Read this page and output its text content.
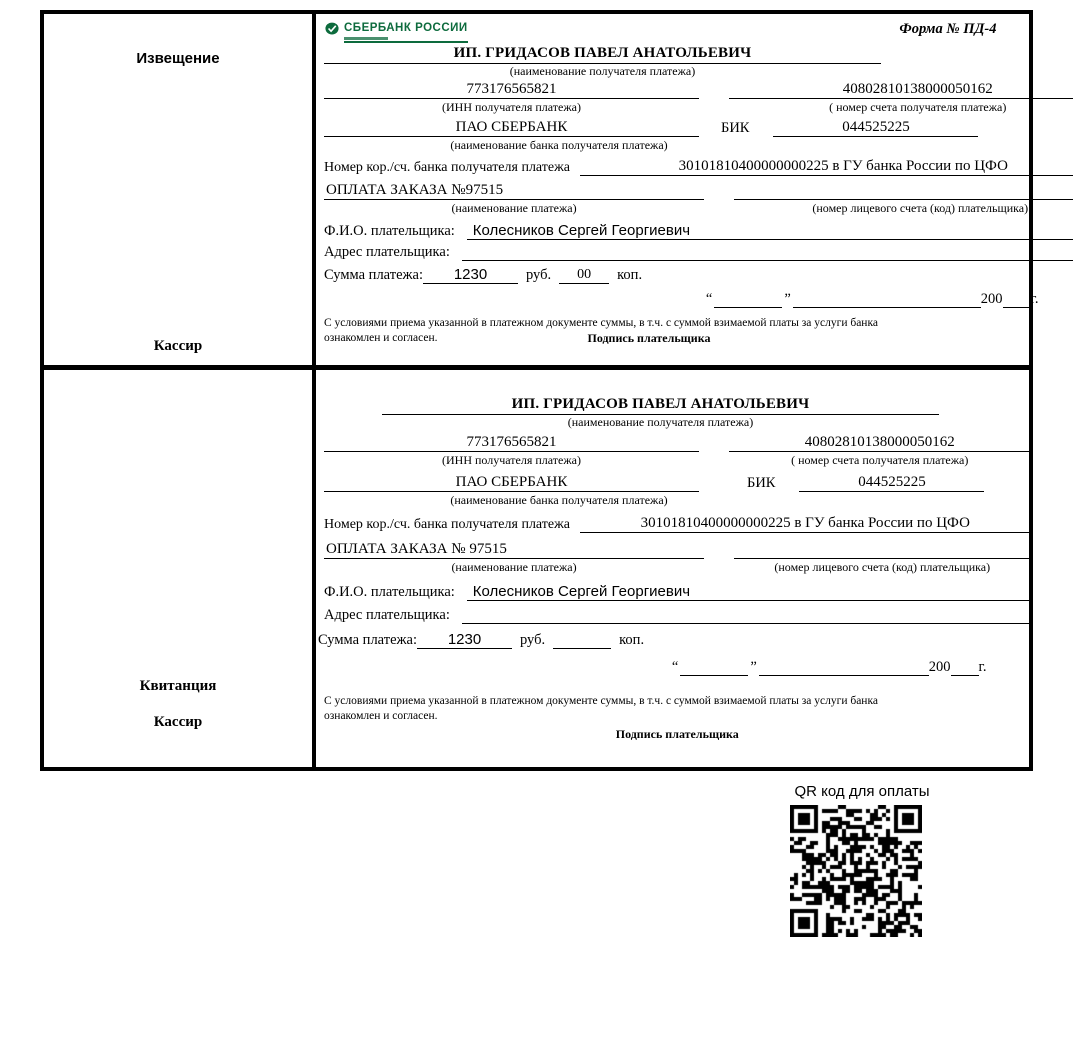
Извещение
Кассир
СБЕРБАНК РОССИИ	Форма № ПД-4
ИП. ГРИДАСОВ ПАВЕЛ АНАТОЛЬЕВИЧ
(наименование получателя платежа)
773176565821	40802810138000050162
(ИНН получателя платежа)	( номер счета получателя платежа)
ПАО СБЕРБАНК	БИК	044525225
(наименование банка получателя платежа)
Номер кор./сч. банка получателя платежа	30101810400000000225 в ГУ банка России по ЦФО
ОПЛАТА ЗАКАЗА №97515
(наименование платежа)	(номер лицевого счета (код) плательщика)
Ф.И.О. плательщика:	Колесников Сергей Георгиевич
Адрес плательщика:
Сумма платежа:	1230	руб.	00	коп.
“	”	200 г.
С условиями приема указанной в платежном документе суммы, в т.ч. с суммой взимаемой платы за услуги банка
ознакомлен и согласен.	Подпись плательщика
Квитанция
Кассир
ИП. ГРИДАСОВ ПАВЕЛ АНАТОЛЬЕВИЧ
(наименование получателя платежа)
773176565821	40802810138000050162
(ИНН получателя платежа)	( номер счета получателя платежа)
ПАО СБЕРБАНК	БИК	044525225
(наименование банка получателя платежа)
Номер кор./сч. банка получателя платежа	30101810400000000225 в ГУ банка России по ЦФО
ОПЛАТА ЗАКАЗА № 97515
(наименование платежа)	(номер лицевого счета (код) плательщика)
Ф.И.О. плательщика:	Колесников Сергей Георгиевич
Адрес плательщика:
Сумма платежа:	1230	руб.	коп.
“	”	200 г.
С условиями приема указанной в платежном документе суммы, в т.ч. с суммой взимаемой платы за услуги банка
ознакомлен и согласен.
Подпись плательщика
QR код для оплаты
